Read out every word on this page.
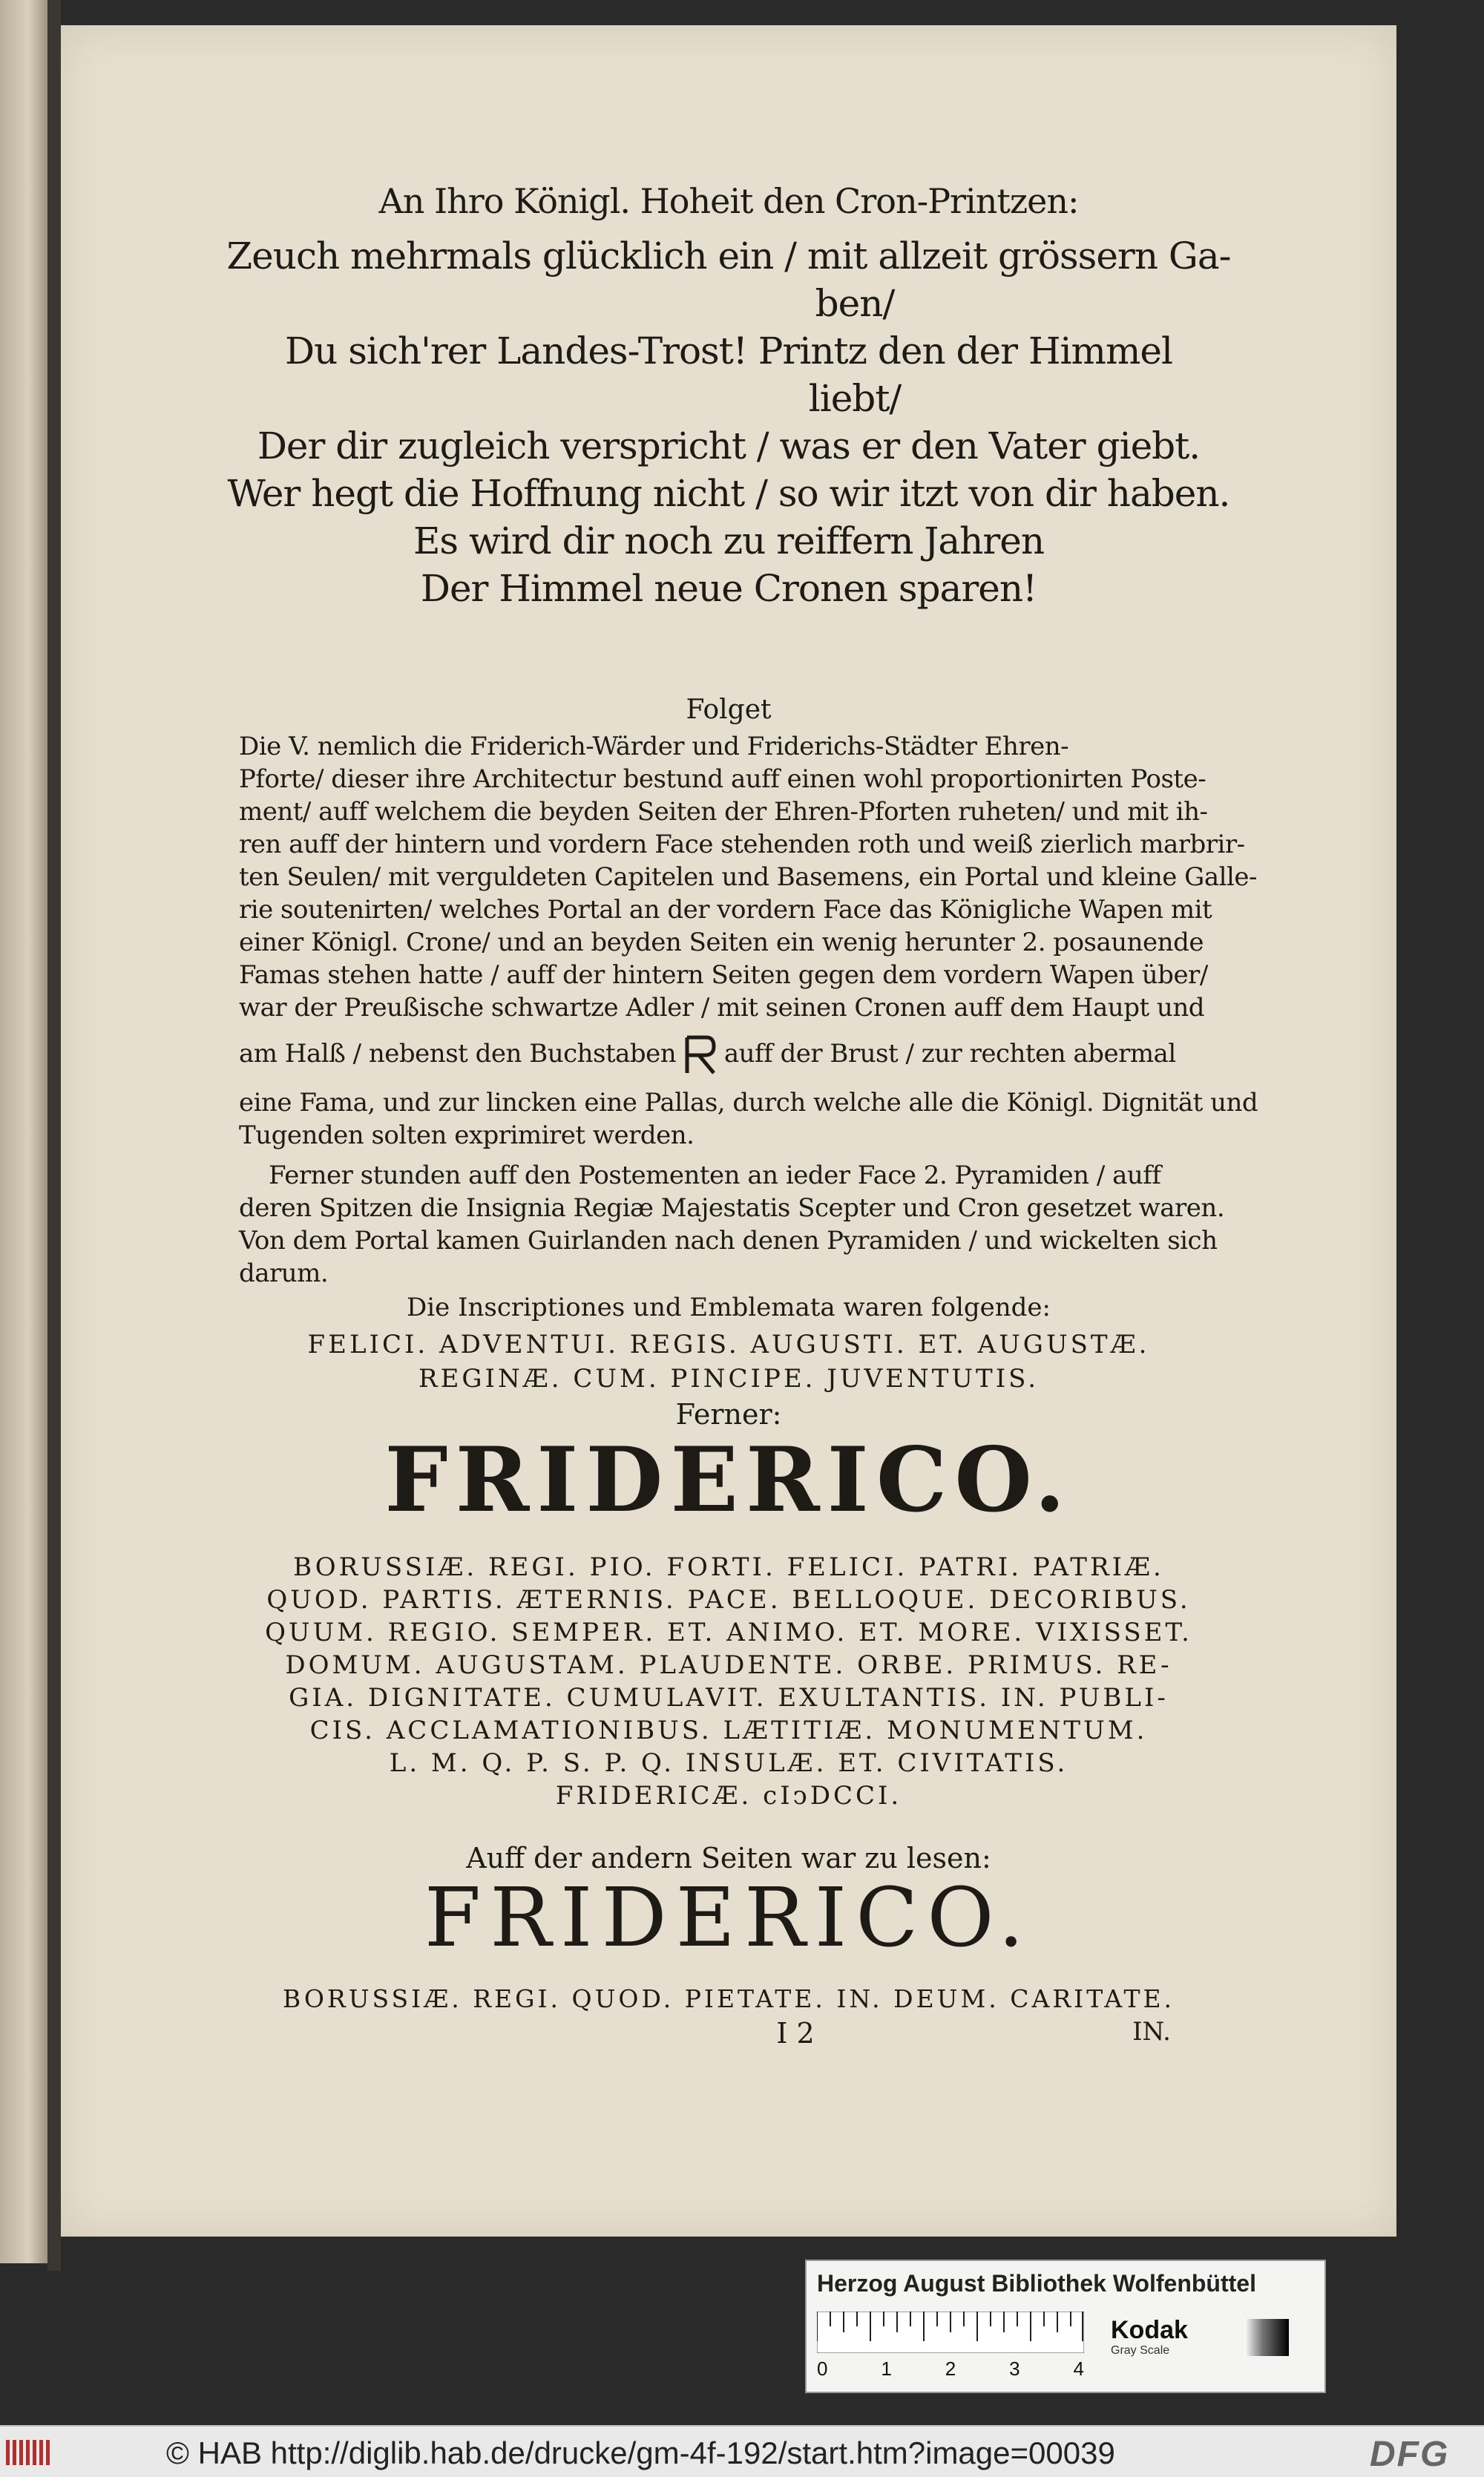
An Ihro Königl. Hoheit den Cron-Printzen:
Zeuch mehrmals glücklich ein / mit allzeit grössern Ga-
ben/
Du sich'rer Landes-Trost! Printz den der Himmel
liebt/
Der dir zugleich verspricht / was er den Vater giebt.
Wer hegt die Hoffnung nicht / so wir itzt von dir haben.
Es wird dir noch zu reiffern Jahren
Der Himmel neue Cronen sparen!
Folget
Die V. nemlich die Friderich-Wärder und Friderichs-Städter Ehren-
Pforte/ dieser ihre Architectur bestund auff einen wohl proportionirten Poste-
ment/ auff welchem die beyden Seiten der Ehren-Pforten ruheten/ und mit ih-
ren auff der hintern und vordern Face stehenden roth und weiß zierlich marbrir-
ten Seulen/ mit verguldeten Capitelen und Basemens, ein Portal und kleine Galle-
rie soutenirten/ welches Portal an der vordern Face das Königliche Wapen mit
einer Königl. Crone/ und an beyden Seiten ein wenig herunter 2. posaunende
Famas stehen hatte / auff der hintern Seiten gegen dem vordern Wapen über/
war der Preußische schwartze Adler / mit seinen Cronen auff dem Haupt und
am Halß / nebenst den Buchstaben auff der Brust / zur rechten abermal
eine Fama, und zur lincken eine Pallas, durch welche alle die Königl. Dignität und
Tugenden solten exprimiret werden.
Ferner stunden auff den Postementen an ieder Face 2. Pyramiden / auff
deren Spitzen die Insignia Regiæ Majestatis Scepter und Cron gesetzet waren.
Von dem Portal kamen Guirlanden nach denen Pyramiden / und wickelten sich
darum.
Die Inscriptiones und Emblemata waren folgende:
FELICI. ADVENTUI. REGIS. AUGUSTI. ET. AUGUSTÆ.
REGINÆ. CUM. PINCIPE. JUVENTUTIS.
Ferner:
FRIDERICO.
BORUSSIÆ. REGI. PIO. FORTI. FELICI. PATRI. PATRIÆ.
QUOD. PARTIS. ÆTERNIS. PACE. BELLOQUE. DECORIBUS.
QUUM. REGIO. SEMPER. ET. ANIMO. ET. MORE. VIXISSET.
DOMUM. AUGUSTAM. PLAUDENTE. ORBE. PRIMUS. RE-
GIA. DIGNITATE. CUMULAVIT. EXULTANTIS. IN. PUBLI-
CIS. ACCLAMATIONIBUS. LÆTITIÆ. MONUMENTUM.
L. M. Q. P. S. P. Q. INSULÆ. ET. CIVITATIS.
FRIDERICÆ. cIↄDCCI.
Auff der andern Seiten war zu lesen:
FRIDERICO.
BORUSSIÆ. REGI. QUOD. PIETATE. IN. DEUM. CARITATE.
I 2	IN.
Herzog August Bibliothek Wolfenbüttel
0	1	2	3	4
Kodak
Gray Scale
© HAB http://diglib.hab.de/drucke/gm-4f-192/start.htm?image=00039	DFG
